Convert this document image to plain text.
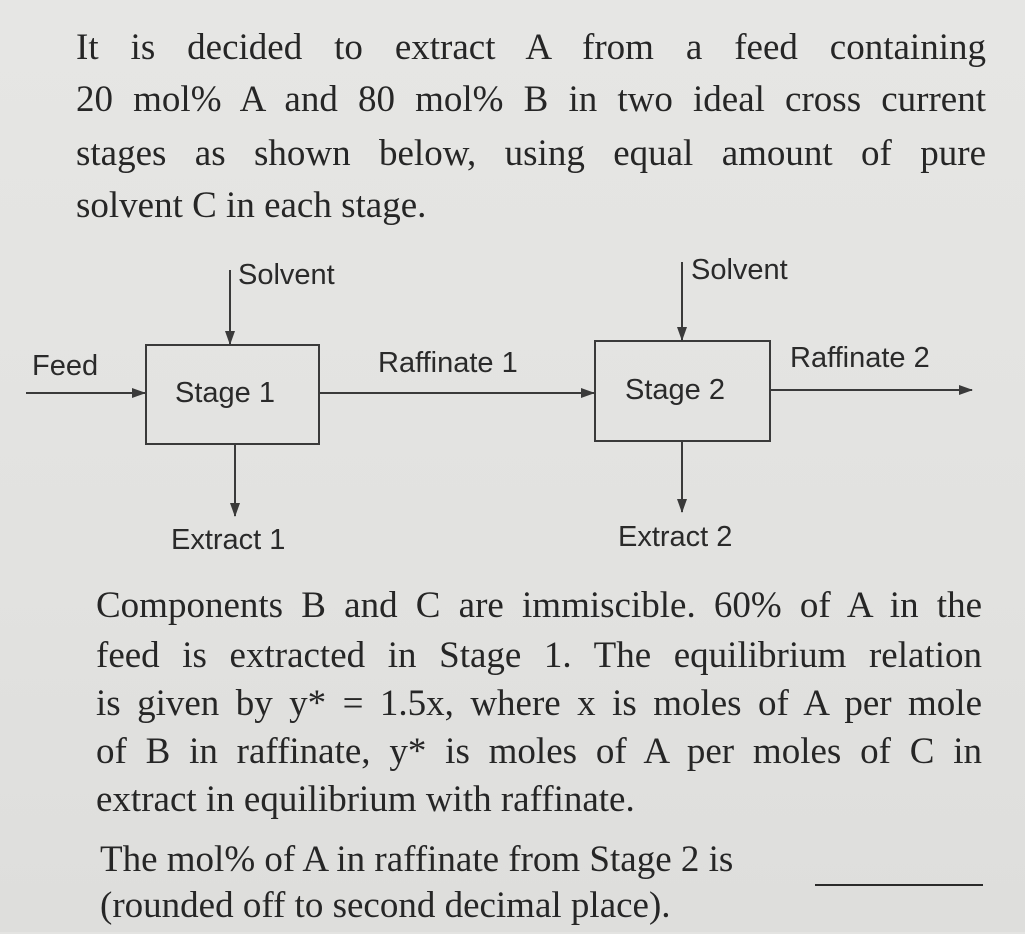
It is decided to extract A from a feed containing
20 mol% A and 80 mol% B in two ideal cross current
stages as shown below, using equal amount of pure
solvent C in each stage.
Solvent	Solvent
Feed
Stage 1
Raffinate 1
Stage 2
Raffinate 2
Extract 1	Extract 2
Components B and C are immiscible. 60% of A in the
feed is extracted in Stage 1. The equilibrium relation
is given by y* = 1.5x, where x is moles of A per mole
of B in raffinate, y* is moles of A per moles of C in
extract in equilibrium with raffinate.
The mol% of A in raffinate from Stage 2 is
(rounded off to second decimal place).
